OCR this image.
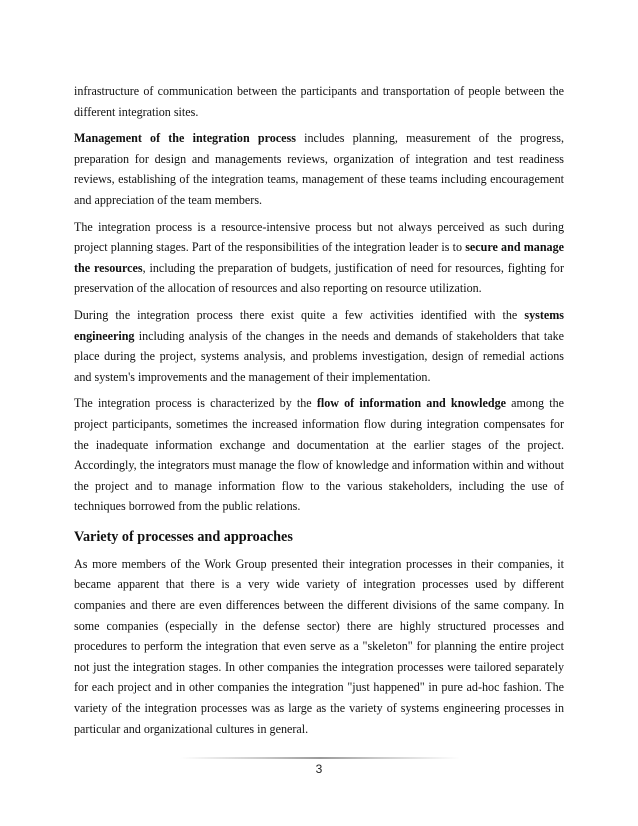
infrastructure of communication between the participants and transportation of people between the different integration sites.

Management of the integration process includes planning, measurement of the progress, preparation for design and managements reviews, organization of integration and test readiness reviews, establishing of the integration teams, management of these teams including encouragement and appreciation of the team members.

The integration process is a resource-intensive process but not always perceived as such during project planning stages. Part of the responsibilities of the integration leader is to secure and manage the resources, including the preparation of budgets, justification of need for resources, fighting for preservation of the allocation of resources and also reporting on resource utilization.

During the integration process there exist quite a few activities identified with the systems engineering including analysis of the changes in the needs and demands of stakeholders that take place during the project, systems analysis, and problems investigation, design of remedial actions and system's improvements and the management of their implementation.

The integration process is characterized by the flow of information and knowledge among the project participants, sometimes the increased information flow during integration compensates for the inadequate information exchange and documentation at the earlier stages of the project. Accordingly, the integrators must manage the flow of knowledge and information within and without the project and to manage information flow to the various stakeholders, including the use of techniques borrowed from the public relations.

Variety of processes and approaches

As more members of the Work Group presented their integration processes in their companies, it became apparent that there is a very wide variety of integration processes used by different companies and there are even differences between the different divisions of the same company. In some companies (especially in the defense sector) there are highly structured processes and procedures to perform the integration that even serve as a "skeleton" for planning the entire project not just the integration stages. In other companies the integration processes were tailored separately for each project and in other companies the integration "just happened" in pure ad-hoc fashion. The variety of the integration processes was as large as the variety of systems engineering processes in particular and organizational cultures in general.

3
